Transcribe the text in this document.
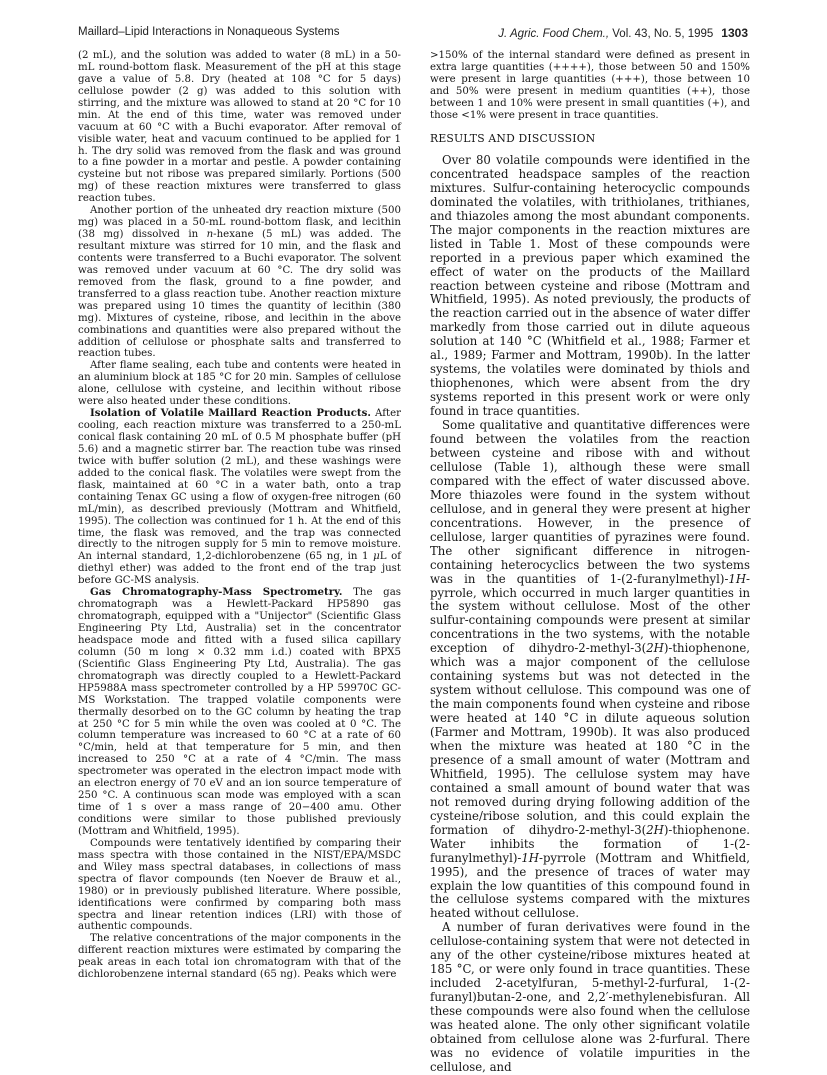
Maillard–Lipid Interactions in Nonaqueous Systems	J. Agric. Food Chem., Vol. 43, No. 5, 1995 1303

(2 mL), and the solution was added to water (8 mL) in a 50-mL round-bottom flask. Measurement of the pH at this stage gave a value of 5.8. Dry (heated at 108 °C for 5 days) cellulose powder (2 g) was added to this solution with stirring, and the mixture was allowed to stand at 20 °C for 10 min. At the end of this time, water was removed under vacuum at 60 °C with a Buchi evaporator. After removal of visible water, heat and vacuum continued to be applied for 1 h. The dry solid was removed from the flask and was ground to a fine powder in a mortar and pestle. A powder containing cysteine but not ribose was prepared similarly. Portions (500 mg) of these reaction mixtures were transferred to glass reaction tubes.

Another portion of the unheated dry reaction mixture (500 mg) was placed in a 50-mL round-bottom flask, and lecithin (38 mg) dissolved in n-hexane (5 mL) was added. The resultant mixture was stirred for 10 min, and the flask and contents were transferred to a Buchi evaporator. The solvent was removed under vacuum at 60 °C. The dry solid was removed from the flask, ground to a fine powder, and transferred to a glass reaction tube. Another reaction mixture was prepared using 10 times the quantity of lecithin (380 mg). Mixtures of cysteine, ribose, and lecithin in the above combinations and quantities were also prepared without the addition of cellulose or phosphate salts and transferred to reaction tubes.

After flame sealing, each tube and contents were heated in an aluminium block at 185 °C for 20 min. Samples of cellulose alone, cellulose with cysteine, and lecithin without ribose were also heated under these conditions.

Isolation of Volatile Maillard Reaction Products. After cooling, each reaction mixture was transferred to a 250-mL conical flask containing 20 mL of 0.5 M phosphate buffer (pH 5.6) and a magnetic stirrer bar. The reaction tube was rinsed twice with buffer solution (2 mL), and these washings were added to the conical flask. The volatiles were swept from the flask, maintained at 60 °C in a water bath, onto a trap containing Tenax GC using a flow of oxygen-free nitrogen (60 mL/min), as described previously (Mottram and Whitfield, 1995). The collection was continued for 1 h. At the end of this time, the flask was removed, and the trap was connected directly to the nitrogen supply for 5 min to remove moisture. An internal standard, 1,2-dichlorobenzene (65 ng, in 1 μL of diethyl ether) was added to the front end of the trap just before GC-MS analysis.

Gas Chromatography-Mass Spectrometry. The gas chromatograph was a Hewlett-Packard HP5890 gas chromatograph, equipped with a "Unijector" (Scientific Glass Engineering Pty Ltd, Australia) set in the concentrator headspace mode and fitted with a fused silica capillary column (50 m long × 0.32 mm i.d.) coated with BPX5 (Scientific Glass Engineering Pty Ltd, Australia). The gas chromatograph was directly coupled to a Hewlett-Packard HP5988A mass spectrometer controlled by a HP 59970C GC-MS Workstation. The trapped volatile components were thermally desorbed on to the GC column by heating the trap at 250 °C for 5 min while the oven was cooled at 0 °C. The column temperature was increased to 60 °C at a rate of 60 °C/min, held at that temperature for 5 min, and then increased to 250 °C at a rate of 4 °C/min. The mass spectrometer was operated in the electron impact mode with an electron energy of 70 eV and an ion source temperature of 250 °C. A continuous scan mode was employed with a scan time of 1 s over a mass range of 20−400 amu. Other conditions were similar to those published previously (Mottram and Whitfield, 1995).

Compounds were tentatively identified by comparing their mass spectra with those contained in the NIST/EPA/MSDC and Wiley mass spectral databases, in collections of mass spectra of flavor compounds (ten Noever de Brauw et al., 1980) or in previously published literature. Where possible, identifications were confirmed by comparing both mass spectra and linear retention indices (LRI) with those of authentic compounds.

The relative concentrations of the major components in the different reaction mixtures were estimated by comparing the peak areas in each total ion chromatogram with that of the dichlorobenzene internal standard (65 ng). Peaks which were

>150% of the internal standard were defined as present in extra large quantities (++++), those between 50 and 150% were present in large quantities (+++), those between 10 and 50% were present in medium quantities (++), those between 1 and 10% were present in small quantities (+), and those <1% were present in trace quantities.

RESULTS AND DISCUSSION

Over 80 volatile compounds were identified in the concentrated headspace samples of the reaction mixtures. Sulfur-containing heterocyclic compounds dominated the volatiles, with trithiolanes, trithianes, and thiazoles among the most abundant components. The major components in the reaction mixtures are listed in Table 1. Most of these compounds were reported in a previous paper which examined the effect of water on the products of the Maillard reaction between cysteine and ribose (Mottram and Whitfield, 1995). As noted previously, the products of the reaction carried out in the absence of water differ markedly from those carried out in dilute aqueous solution at 140 °C (Whitfield et al., 1988; Farmer et al., 1989; Farmer and Mottram, 1990b). In the latter systems, the volatiles were dominated by thiols and thiophenones, which were absent from the dry systems reported in this present work or were only found in trace quantities.

Some qualitative and quantitative differences were found between the volatiles from the reaction between cysteine and ribose with and without cellulose (Table 1), although these were small compared with the effect of water discussed above. More thiazoles were found in the system without cellulose, and in general they were present at higher concentrations. However, in the presence of cellulose, larger quantities of pyrazines were found. The other significant difference in nitrogen-containing heterocyclics between the two systems was in the quantities of 1-(2-furanylmethyl)-1H-pyrrole, which occurred in much larger quantities in the system without cellulose. Most of the other sulfur-containing compounds were present at similar concentrations in the two systems, with the notable exception of dihydro-2-methyl-3(2H)-thiophenone, which was a major component of the cellulose containing systems but was not detected in the system without cellulose. This compound was one of the main components found when cysteine and ribose were heated at 140 °C in dilute aqueous solution (Farmer and Mottram, 1990b). It was also produced when the mixture was heated at 180 °C in the presence of a small amount of water (Mottram and Whitfield, 1995). The cellulose system may have contained a small amount of bound water that was not removed during drying following addition of the cysteine/ribose solution, and this could explain the formation of dihydro-2-methyl-3(2H)-thiophenone. Water inhibits the formation of 1-(2-furanylmethyl)-1H-pyrrole (Mottram and Whitfield, 1995), and the presence of traces of water may explain the low quantities of this compound found in the cellulose systems compared with the mixtures heated without cellulose.

A number of furan derivatives were found in the cellulose-containing system that were not detected in any of the other cysteine/ribose mixtures heated at 185 °C, or were only found in trace quantities. These included 2-acetylfuran, 5-methyl-2-furfural, 1-(2-furanyl)butan-2-one, and 2,2′-methylenebisfuran. All these compounds were also found when the cellulose was heated alone. The only other significant volatile obtained from cellulose alone was 2-furfural. There was no evidence of volatile impurities in the cellulose, and
